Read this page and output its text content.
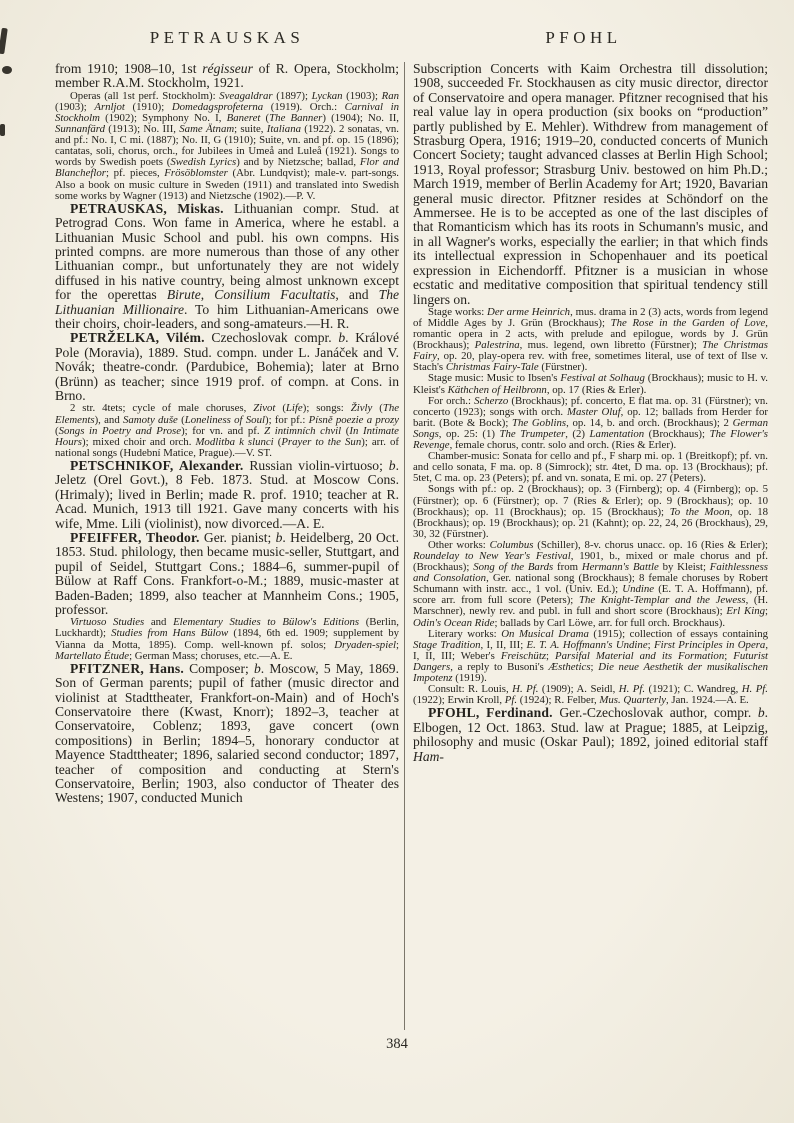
PETRAUSKAS	PFOHL

from 1910; 1908–10, 1st régisseur of R. Opera, Stockholm; member R.A.M. Stockholm, 1921.

Operas (all 1st perf. Stockholm): Sveagaldrar (1897); Lyckan (1903); Ran (1903); Arnljot (1910); Domedagsprofeterna (1919). Orch.: Carnival in Stockholm (1902); Symphony No. I, Baneret (The Banner) (1904); No. II, Sunnanfärd (1913); No. III, Same Ätnam; suite, Italiana (1922). 2 sonatas, vn. and pf.: No. I, C mi. (1887); No. II, G (1910); Suite, vn. and pf. op. 15 (1896); cantatas, soli, chorus, orch., for Jubilees in Umeå and Luleå (1921). Songs to words by Swedish poets (Swedish Lyrics) and by Nietzsche; ballad, Flor and Blancheflor; pf. pieces, Frösöblomster (Abr. Lundqvist); male-v. part-songs. Also a book on music culture in Sweden (1911) and translated into Swedish some works by Wagner (1913) and Nietzsche (1902).—P. V.

PETRAUSKAS, Miskas. Lithuanian compr. Stud. at Petrograd Cons. Won fame in America, where he establ. a Lithuanian Music School and publ. his own compns. His printed compns. are more numerous than those of any other Lithuanian compr., but unfortunately they are not widely diffused in his native country, being almost unknown except for the operettas Birute, Consilium Facultatis, and The Lithuanian Millionaire. To him Lithuanian-Americans owe their choirs, choir-leaders, and song-amateurs.—H. R.

PETRŽELKA, Vilém. Czechoslovak compr. b. Králové Pole (Moravia), 1889. Stud. compn. under L. Janáček and V. Novák; theatre-condr. (Pardubice, Bohemia); later at Brno (Brünn) as teacher; since 1919 prof. of compn. at Cons. in Brno.

2 str. 4tets; cycle of male choruses, Zivot (Life); songs: Živly (The Elements), and Samoty duše (Loneliness of Soul); for pf.: Písně poezie a prozy (Songs in Poetry and Prose); for vn. and pf. Z intimních chvil (In Intimate Hours); mixed choir and orch. Modlitba k slunci (Prayer to the Sun); arr. of national songs (Hudební Matice, Prague).—V. ST.

PETSCHNIKOF, Alexander. Russian violin-virtuoso; b. Jeletz (Orel Govt.), 8 Feb. 1873. Stud. at Moscow Cons. (Hrimaly); lived in Berlin; made R. prof. 1910; teacher at R. Acad. Munich, 1913 till 1921. Gave many concerts with his wife, Mme. Lili (violinist), now divorced.—A. E.

PFEIFFER, Theodor. Ger. pianist; b. Heidelberg, 20 Oct. 1853. Stud. philology, then became music-seller, Stuttgart, and pupil of Seidel, Stuttgart Cons.; 1884–6, summer-pupil of Bülow at Raff Cons. Frankfort-o-M.; 1889, music-master at Baden-Baden; 1899, also teacher at Mannheim Cons.; 1905, professor.

Virtuoso Studies and Elementary Studies to Bülow's Editions (Berlin, Luckhardt); Studies from Hans Bülow (1894, 6th ed. 1909; supplement by Vianna da Motta, 1895). Comp. well-known pf. solos; Dryaden-spiel; Martellato Étude; German Mass; choruses, etc.—A. E.

PFITZNER, Hans. Composer; b. Moscow, 5 May, 1869. Son of German parents; pupil of father (music director and violinist at Stadttheater, Frankfort-on-Main) and of Hoch's Conservatoire there (Kwast, Knorr); 1892–3, teacher at Conservatoire, Coblenz; 1893, gave concert (own compositions) in Berlin; 1894–5, honorary conductor at Mayence Stadttheater; 1896, salaried second conductor; 1897, teacher of composition and conducting at Stern's Conservatoire, Berlin; 1903, also conductor of Theater des Westens; 1907, conducted Munich

Subscription Concerts with Kaim Orchestra till dissolution; 1908, succeeded Fr. Stockhausen as city music director, director of Conservatoire and opera manager. Pfitzner recognised that his real value lay in opera production (six books on “production” partly published by E. Mehler). Withdrew from management of Strasburg Opera, 1916; 1919–20, conducted concerts of Munich Concert Society; taught advanced classes at Berlin High School; 1913, Royal professor; Strasburg Univ. bestowed on him Ph.D.; March 1919, member of Berlin Academy for Art; 1920, Bavarian general music director. Pfitzner resides at Schöndorf on the Ammersee. He is to be accepted as one of the last disciples of that Romanticism which has its roots in Schumann's music, and in all Wagner's works, especially the earlier; in that which finds its intellectual expression in Schopenhauer and its poetical expression in Eichendorff. Pfitzner is a musician in whose ecstatic and meditative composition that spiritual tendency still lingers on.

Stage works: Der arme Heinrich, mus. drama in 2 (3) acts, words from legend of Middle Ages by J. Grün (Brockhaus); The Rose in the Garden of Love, romantic opera in 2 acts, with prelude and epilogue, words by J. Grün (Brockhaus); Palestrina, mus. legend, own libretto (Fürstner); The Christmas Fairy, op. 20, play-opera rev. with free, sometimes literal, use of text of Ilse v. Stach's Christmas Fairy-Tale (Fürstner).

Stage music: Music to Ibsen's Festival at Solhaug (Brockhaus); music to H. v. Kleist's Käthchen of Heilbronn, op. 17 (Ries & Erler).

For orch.: Scherzo (Brockhaus); pf. concerto, E flat ma. op. 31 (Fürstner); vn. concerto (1923); songs with orch. Master Oluf, op. 12; ballads from Herder for barit. (Bote & Bock); The Goblins, op. 14, b. and orch. (Brockhaus); 2 German Songs, op. 25: (1) The Trumpeter, (2) Lamentation (Brockhaus); The Flower's Revenge, female chorus, contr. solo and orch. (Ries & Erler).

Chamber-music: Sonata for cello and pf., F sharp mi. op. 1 (Breitkopf); pf. vn. and cello sonata, F ma. op. 8 (Simrock); str. 4tet, D ma. op. 13 (Brockhaus); pf. 5tet, C ma. op. 23 (Peters); pf. and vn. sonata, E mi. op. 27 (Peters).

Songs with pf.: op. 2 (Brockhaus); op. 3 (Firnberg); op. 4 (Firnberg); op. 5 (Fürstner); op. 6 (Fürstner); op. 7 (Ries & Erler); op. 9 (Brockhaus); op. 10 (Brockhaus); op. 11 (Brockhaus); op. 15 (Brockhaus); To the Moon, op. 18 (Brockhaus); op. 19 (Brockhaus); op. 21 (Kahnt); op. 22, 24, 26 (Brockhaus), 29, 30, 32 (Fürstner).

Other works: Columbus (Schiller), 8-v. chorus unacc. op. 16 (Ries & Erler); Roundelay to New Year's Festival, 1901, b., mixed or male chorus and pf. (Brockhaus); Song of the Bards from Hermann's Battle by Kleist; Faithlessness and Consolation, Ger. national song (Brockhaus); 8 female choruses by Robert Schumann with instr. acc., 1 vol. (Univ. Ed.); Undine (E. T. A. Hoffmann), pf. score arr. from full score (Peters); The Knight-Templar and the Jewess, (H. Marschner), newly rev. and publ. in full and short score (Brockhaus); Erl King; Odin's Ocean Ride; ballads by Carl Löwe, arr. for full orch. Brockhaus).

Literary works: On Musical Drama (1915); collection of essays containing Stage Tradition, I, II, III; E. T. A. Hoffmann's Undine; First Principles in Opera, I, II, III; Weber's Freischütz; Parsifal Material and its Formation; Futurist Dangers, a reply to Busoni's Æsthetics; Die neue Aesthetik der musikalischen Impotenz (1919).

Consult: R. Louis, H. Pf. (1909); A. Seidl, H. Pf. (1921); C. Wandreg, H. Pf. (1922); Erwin Kroll, Pf. (1924); R. Felber, Mus. Quarterly, Jan. 1924.—A. E.

PFOHL, Ferdinand. Ger.-Czechoslovak author, compr. b. Elbogen, 12 Oct. 1863. Stud. law at Prague; 1885, at Leipzig, philosophy and music (Oskar Paul); 1892, joined editorial staff Ham-

384
